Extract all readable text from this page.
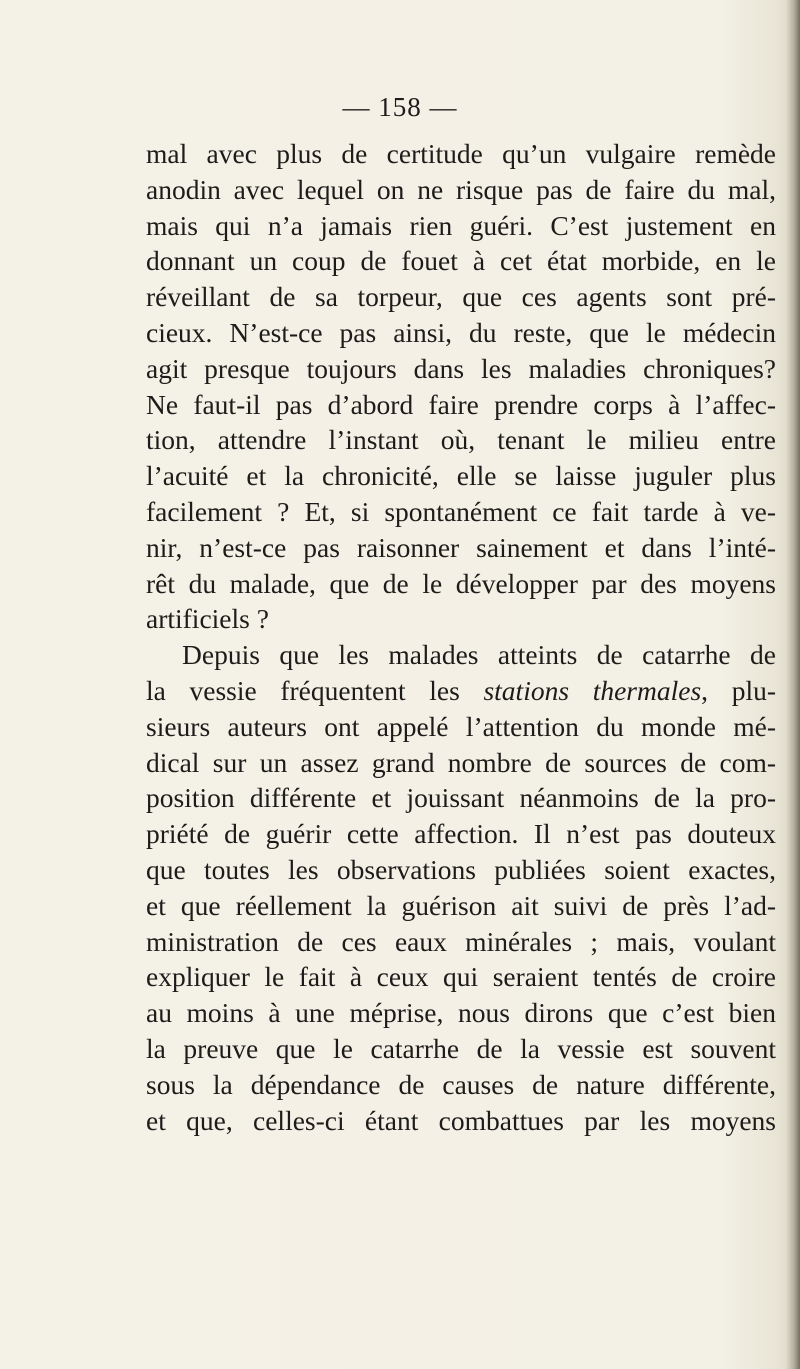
— 158 —
mal avec plus de certitude qu’un vulgaire remède
anodin avec lequel on ne risque pas de faire du mal,
mais qui n’a jamais rien guéri. C’est justement en
donnant un coup de fouet à cet état morbide, en le
réveillant de sa torpeur, que ces agents sont pré-
cieux. N’est-ce pas ainsi, du reste, que le médecin
agit presque toujours dans les maladies chroniques?
Ne faut-il pas d’abord faire prendre corps à l’affec-
tion, attendre l’instant où, tenant le milieu entre
l’acuité et la chronicité, elle se laisse juguler plus
facilement ? Et, si spontanément ce fait tarde à ve-
nir, n’est-ce pas raisonner sainement et dans l’inté-
rêt du malade, que de le développer par des moyens
artificiels ?
Depuis que les malades atteints de catarrhe de
la vessie fréquentent les stations thermales, plu-
sieurs auteurs ont appelé l’attention du monde mé-
dical sur un assez grand nombre de sources de com-
position différente et jouissant néanmoins de la pro-
priété de guérir cette affection. Il n’est pas douteux
que toutes les observations publiées soient exactes,
et que réellement la guérison ait suivi de près l’ad-
ministration de ces eaux minérales ; mais, voulant
expliquer le fait à ceux qui seraient tentés de croire
au moins à une méprise, nous dirons que c’est bien
la preuve que le catarrhe de la vessie est souvent
sous la dépendance de causes de nature différente,
et que, celles-ci étant combattues par les moyens
